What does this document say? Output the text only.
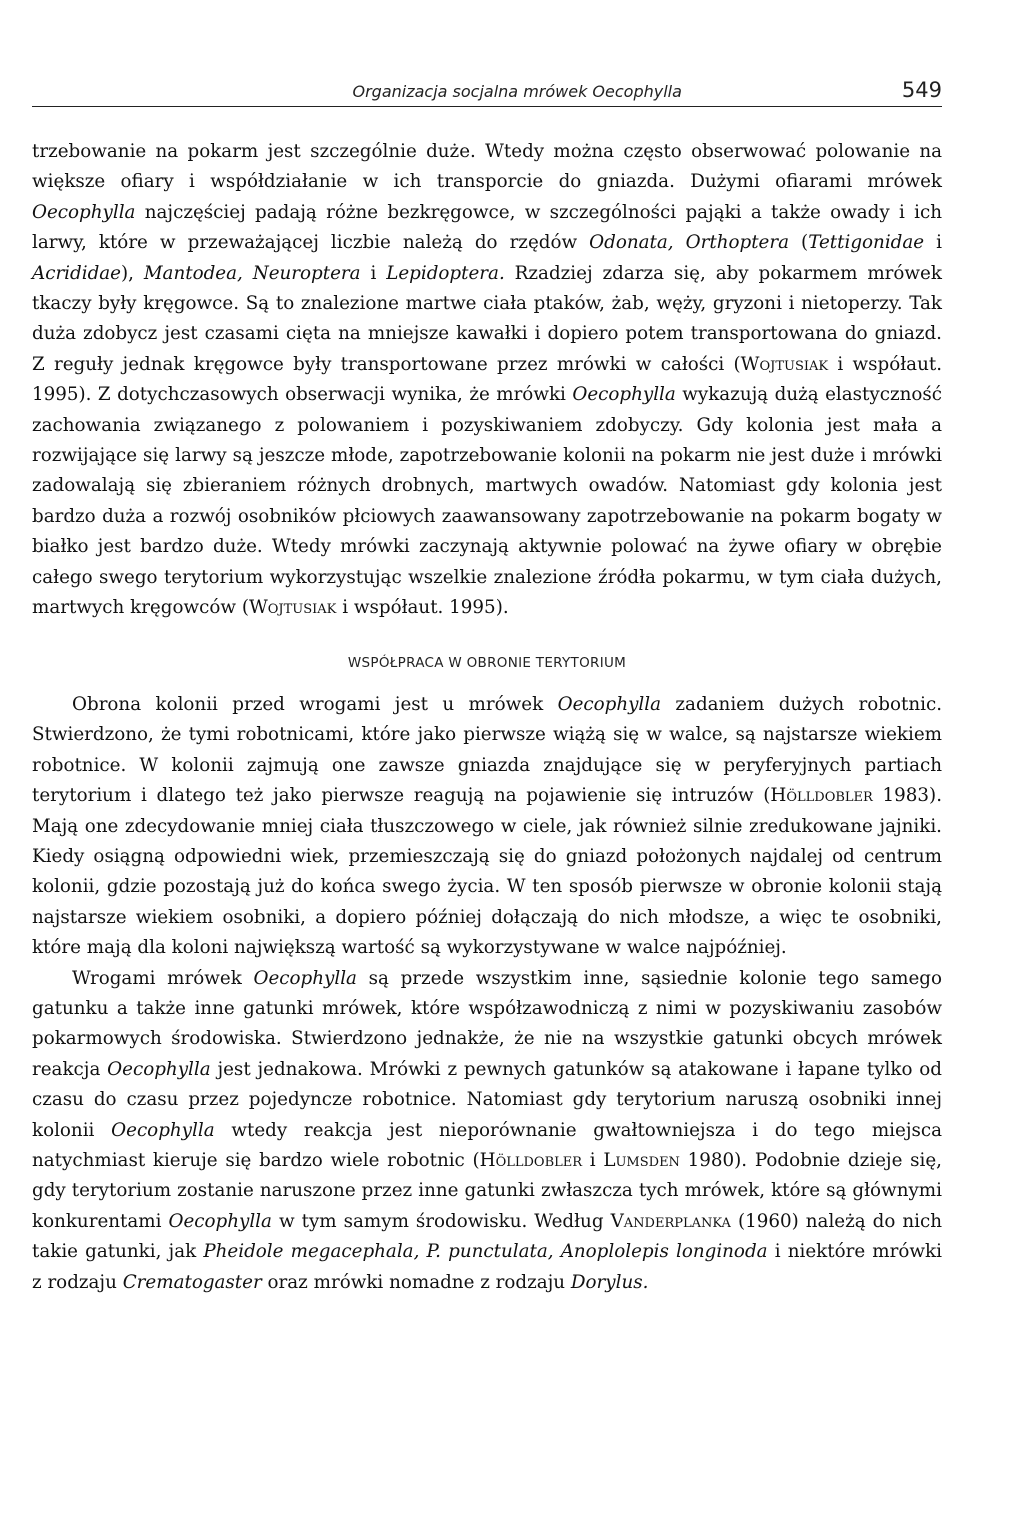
Organizacja socjalna mrówek Oecophylla	549

trzebowanie na pokarm jest szczególnie duże. Wtedy można często obserwować polowanie na większe ofiary i współdziałanie w ich transporcie do gniazda. Dużymi ofiarami mrówek Oecophylla najczęściej padają różne bezkręgowce, w szczególności pająki a także owady i ich larwy, które w przeważającej liczbie należą do rzędów Odonata, Orthoptera (Tettigonidae i Acrididae), Mantodea, Neuroptera i Lepidoptera. Rzadziej zdarza się, aby pokarmem mrówek tkaczy były kręgowce. Są to znalezione martwe ciała ptaków, żab, węży, gryzoni i nietoperzy. Tak duża zdobycz jest czasami cięta na mniejsze kawałki i dopiero potem transportowana do gniazd. Z reguły jednak kręgowce były transportowane przez mrówki w całości (Wojtusiak i współaut. 1995). Z dotychczasowych obserwacji wynika, że mrówki Oecophylla wykazują dużą elastyczność zachowania związanego z polowaniem i pozyskiwaniem zdobyczy. Gdy kolonia jest mała a rozwijające się larwy są jeszcze młode, zapotrzebowanie kolonii na pokarm nie jest duże i mrówki zadowalają się zbieraniem różnych drobnych, martwych owadów. Natomiast gdy kolonia jest bardzo duża a rozwój osobników płciowych zaawansowany zapotrzebowanie na pokarm bogaty w białko jest bardzo duże. Wtedy mrówki zaczynają aktywnie polować na żywe ofiary w obrębie całego swego terytorium wykorzystując wszelkie znalezione źródła pokarmu, w tym ciała dużych, martwych kręgowców (Wojtusiak i współaut. 1995).

WSPÓŁPRACA W OBRONIE TERYTORIUM

Obrona kolonii przed wrogami jest u mrówek Oecophylla zadaniem dużych robotnic. Stwierdzono, że tymi robotnicami, które jako pierwsze wiążą się w walce, są najstarsze wiekiem robotnice. W kolonii zajmują one zawsze gniazda znajdujące się w peryferyjnych partiach terytorium i dlatego też jako pierwsze reagują na pojawienie się intruzów (Hölldobler 1983). Mają one zdecydowanie mniej ciała tłuszczowego w ciele, jak również silnie zredukowane jajniki. Kiedy osiągną odpowiedni wiek, przemieszczają się do gniazd położonych najdalej od centrum kolonii, gdzie pozostają już do końca swego życia. W ten sposób pierwsze w obronie kolonii stają najstarsze wiekiem osobniki, a dopiero później dołączają do nich młodsze, a więc te osobniki, które mają dla koloni największą wartość są wykorzystywane w walce najpóźniej.

Wrogami mrówek Oecophylla są przede wszystkim inne, sąsiednie kolonie tego samego gatunku a także inne gatunki mrówek, które współzawodniczą z nimi w pozyskiwaniu zasobów pokarmowych środowiska. Stwierdzono jednakże, że nie na wszystkie gatunki obcych mrówek reakcja Oecophylla jest jednakowa. Mrówki z pewnych gatunków są atakowane i łapane tylko od czasu do czasu przez pojedyncze robotnice. Natomiast gdy terytorium naruszą osobniki innej kolonii Oecophylla wtedy reakcja jest nieporównanie gwałtowniejsza i do tego miejsca natychmiast kieruje się bardzo wiele robotnic (Hölldobler i Lumsden 1980). Podobnie dzieje się, gdy terytorium zostanie naruszone przez inne gatunki zwłaszcza tych mrówek, które są głównymi konkurentami Oecophylla w tym samym środowisku. Według Vanderplanka (1960) należą do nich takie gatunki, jak Pheidole megacephala, P. punctulata, Anoplolepis longinoda i niektóre mrówki z rodzaju Crematogaster oraz mrówki nomadne z rodzaju Dorylus.
